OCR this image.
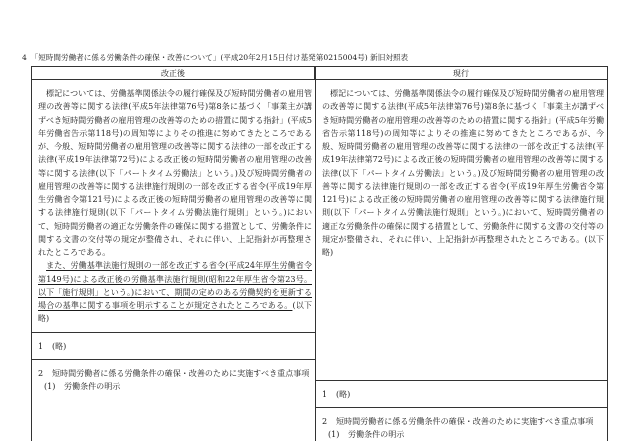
4　「短時間労働者に係る労働条件の確保・改善について」(平成20年2月15日付け基発第0215004号) 新旧対照表
改正後	現行
標記については、労働基準関係法令の履行確保及び短時間労働者の雇用管理の改善等に関する法律(平成5年法律第76号)第8条に基づく「事業主が講ずべき短時間労働者の雇用管理の改善等のための措置に関する指針」(平成5年労働省告示第118号)の周知等によりその推進に努めてきたところであるが、今般、短時間労働者の雇用管理の改善等に関する法律の一部を改正する法律(平成19年法律第72号)による改正後の短時間労働者の雇用管理の改善等に関する法律(以下「パートタイム労働法」という。)及び短時間労働者の雇用管理の改善等に関する法律施行規則の一部を改正する省令(平成19年厚生労働省令第121号)による改正後の短時間労働者の雇用管理の改善等に関する法律施行規則(以下「パートタイム労働法施行規則」という。)において、短時間労働者の適正な労働条件の確保に関する措置として、労働条件に関する文書の交付等の規定が整備され、それに伴い、上記指針が再整理されたところである。
また、労働基準法施行規則の一部を改正する省令(平成24年厚生労働省令第149号)による改正後の労働基準法施行規則(昭和22年厚生省令第23号。以下「施行規則」という。)において、期間の定めのある労働契約を更新する場合の基準に関する事項を明示することが規定されたところである。(以下略)
1 (略)
2 短時間労働者に係る労働条件の確保・改善のために実施すべき重点事項
(1) 労働条件の明示
標記については、労働基準関係法令の履行確保及び短時間労働者の雇用管理の改善等に関する法律(平成5年法律第76号)第8条に基づく「事業主が講ずべき短時間労働者の雇用管理の改善等のための措置に関する指針」(平成5年労働省告示第118号)の周知等によりその推進に努めてきたところであるが、今般、短時間労働者の雇用管理の改善等に関する法律の一部を改正する法律(平成19年法律第72号)による改正後の短時間労働者の雇用管理の改善等に関する法律(以下「パートタイム労働法」という。)及び短時間労働者の雇用管理の改善等に関する法律施行規則の一部を改正する省令(平成19年厚生労働省令第121号)による改正後の短時間労働者の雇用管理の改善等に関する法律施行規則(以下「パートタイム労働法施行規則」という。)において、短時間労働者の適正な労働条件の確保に関する措置として、労働条件に関する文書の交付等の規定が整備され、それに伴い、上記指針が再整理されたところである。(以下略)
1 (略)
2 短時間労働者に係る労働条件の確保・改善のために実施すべき重点事項
(1) 労働条件の明示
